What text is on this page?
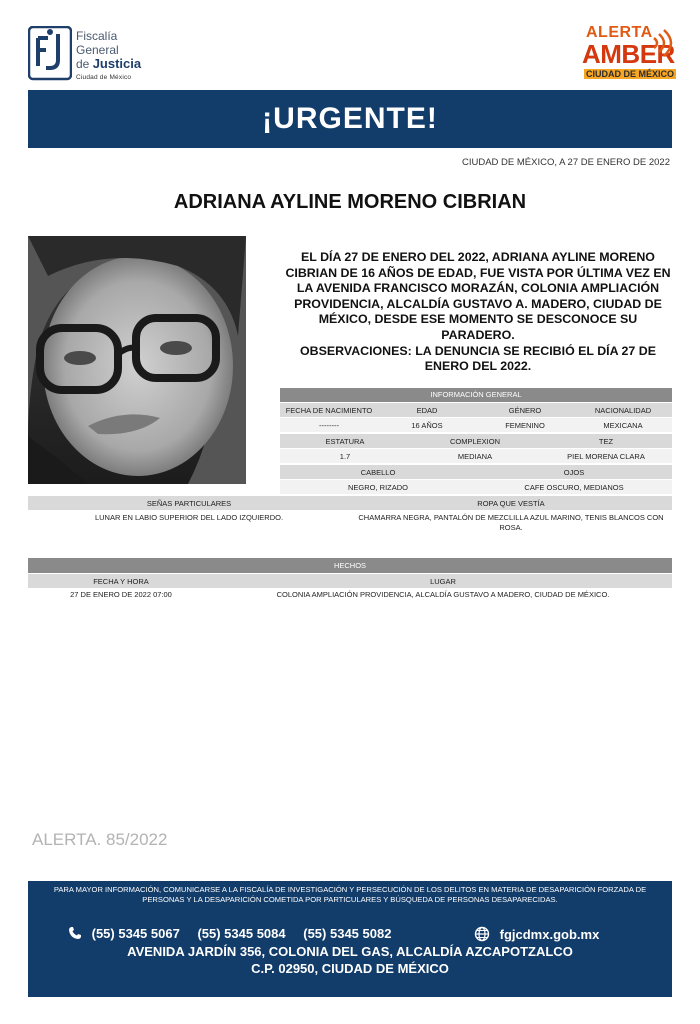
Fiscalía
General
de Justicia
Ciudad de México
ALERTA
AMBER
CIUDAD DE MÉXICO
¡URGENTE!
CIUDAD DE MÉXICO, A 27 DE ENERO DE 2022
ADRIANA AYLINE MORENO CIBRIAN
EL DÍA 27 DE ENERO DEL 2022, ADRIANA AYLINE MORENO CIBRIAN DE 16 AÑOS DE EDAD, FUE VISTA POR ÚLTIMA VEZ EN LA AVENIDA FRANCISCO MORAZÁN, COLONIA AMPLIACIÓN PROVIDENCIA, ALCALDÍA GUSTAVO A. MADERO, CIUDAD DE MÉXICO, DESDE ESE MOMENTO SE DESCONOCE SU PARADERO.
OBSERVACIONES: LA DENUNCIA SE RECIBIÓ EL DÍA 27 DE ENERO DEL 2022.
INFORMACIÓN GENERAL
FECHA DE NACIMIENTO	EDAD	GÉNERO	NACIONALIDAD
--------	16 AÑOS	FEMENINO	MEXICANA
ESTATURA	COMPLEXION	TEZ
1.7	MEDIANA	PIEL MORENA CLARA
CABELLO	OJOS
NEGRO, RIZADO	CAFE OSCURO, MEDIANOS
SEÑAS PARTICULARES	ROPA QUE VESTÍA
LUNAR EN LABIO SUPERIOR DEL LADO IZQUIERDO.	CHAMARRA NEGRA, PANTALÓN DE MEZCLILLA AZUL MARINO, TENIS BLANCOS CON ROSA.
HECHOS
FECHA Y HORA	LUGAR
27 DE ENERO DE 2022 07:00	COLONIA AMPLIACIÓN PROVIDENCIA, ALCALDÍA GUSTAVO A MADERO, CIUDAD DE MÉXICO.
ALERTA. 85/2022
PARA MAYOR INFORMACIÓN, COMUNICARSE A LA FISCALÍA DE INVESTIGACIÓN Y PERSECUCIÓN DE LOS DELITOS EN MATERIA DE DESAPARICIÓN FORZADA DE PERSONAS Y LA DESAPARICIÓN COMETIDA POR PARTICULARES Y BÚSQUEDA DE PERSONAS DESAPARECIDAS.
(55) 5345 5067 (55) 5345 5084 (55) 5345 5082	fgjcdmx.gob.mx
AVENIDA JARDÍN 356, COLONIA DEL GAS, ALCALDÍA AZCAPOTZALCO
C.P. 02950, CIUDAD DE MÉXICO
